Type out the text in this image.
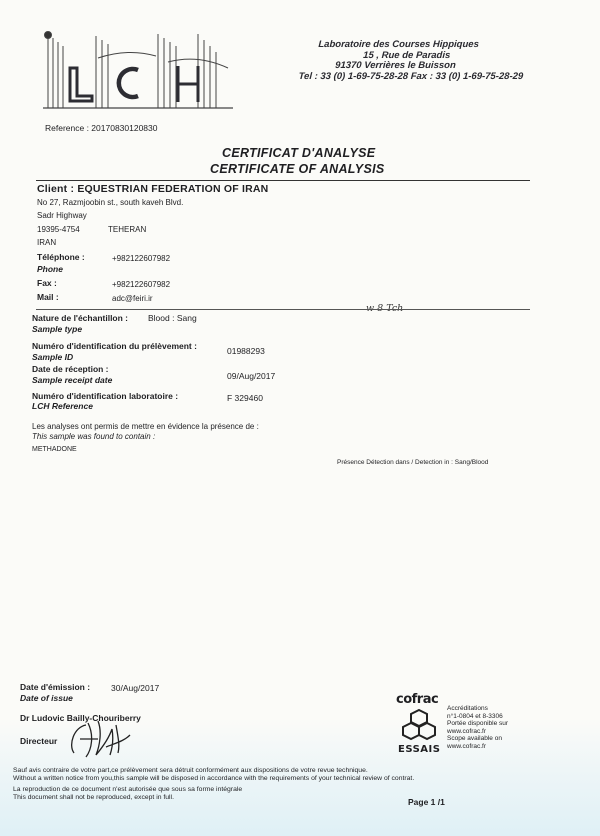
Laboratoire des Courses Hippiques
15 , Rue de Paradis
91370 Verrières le Buisson
Tel : 33 (0) 1-69-75-28-28 Fax : 33 (0) 1-69-75-28-29
Reference : 20170830120830
CERTIFICAT D'ANALYSE
CERTIFICATE OF ANALYSIS
Client : EQUESTRIAN FEDERATION OF IRAN
No 27, Razmjoobin st., south kaveh Blvd.
Sadr Highway
19395-4754	TEHERAN
IRAN
Téléphone :
Phone
+982122607982
Fax :	+982122607982
Mail :	adc@feiri.ir
Nature de l'échantillon : Blood : Sang
Sample type
Numéro d'identification du prélèvement :
Sample ID
01988293
Date de réception :
Sample receipt date	09/Aug/2017
Numéro d'identification laboratoire :
LCH Reference
F 329460
Les analyses ont permis de mettre en évidence la présence de :
This sample was found to contain :
METHADONE
Présence Détection dans / Detection in : Sang/Blood
Date d'émission :
Date of issue
30/Aug/2017
Dr Ludovic Bailly-Chouriberry
Directeur
cofrac
ESSAIS
Accréditations
n°1-0804 et 8-3306
Portée disponible sur
www.cofrac.fr
Scope available on
www.cofrac.fr
Sauf avis contraire de votre part,ce prélèvement sera détruit conformément aux dispositions de votre revue technique.
Without a written notice from you,this sample will be disposed in accordance with the requirements of your technical review of contrat.
La reproduction de ce document n'est autorisée que sous sa forme intégrale
This document shall not be reproduced, except in full.	Page 1 /1
